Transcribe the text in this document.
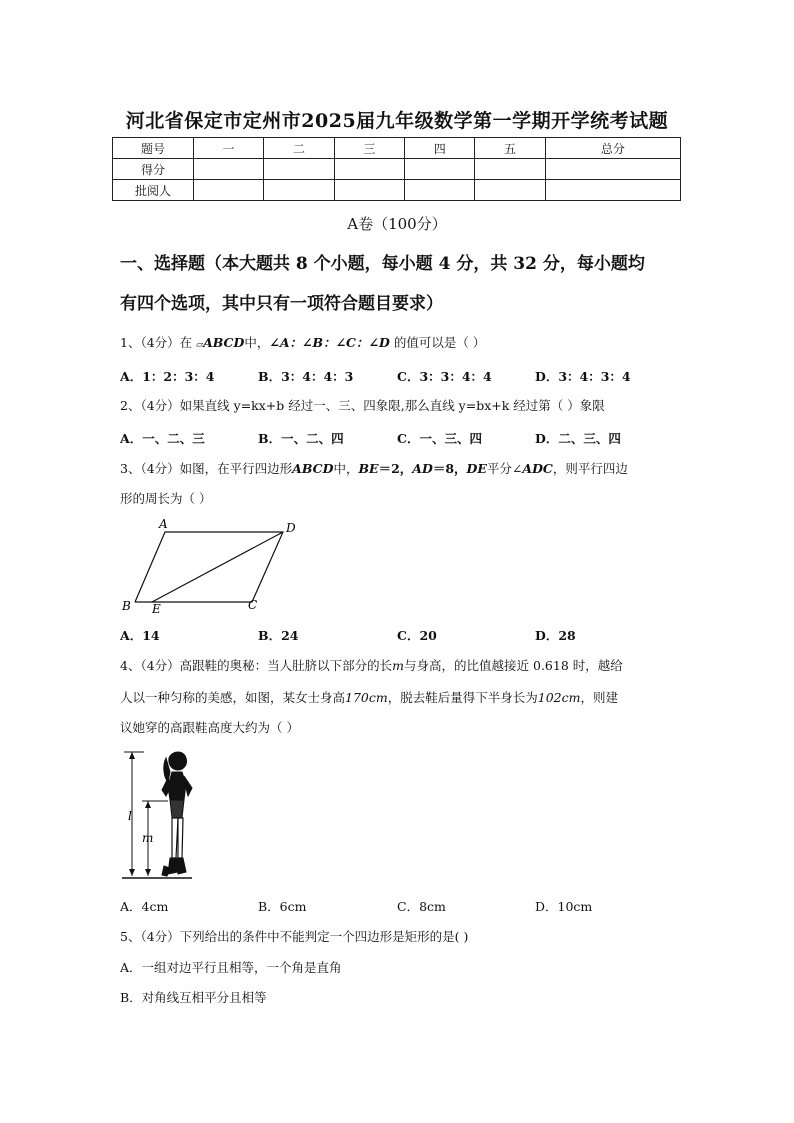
河北省保定市定州市2025届九年级数学第一学期开学统考试题
题号	一	二	三	四	五	总分
得分						
批阅人						
A卷（100分）
一、选择题（本大题共 8 个小题，每小题 4 分，共 32 分，每小题均
有四个选项，其中只有一项符合题目要求）
1、（4分）在 ▱ABCD中，∠A：∠B：∠C：∠D 的值可以是（ ）
A．1：2：3：4	B．3：4：4：3	C．3：3：4：4	D．3：4：3：4
2、（4分）如果直线 y=kx+b 经过一、三、四象限,那么直线 y=bx+k 经过第（ ）象限
A．一、二、三	B．一、二、四	C．一、三、四	D．二、三、四
3、（4分）如图，在平行四边形ABCD中，BE＝2，AD＝8，DE平分∠ADC，则平行四边
形的周长为（ ）
A	D
B E	C
A．14	B．24	C．20	D．28
4、（4分）高跟鞋的奥秘：当人肚脐以下部分的长m与身高，的比值越接近 0.618 时，越给
人以一种匀称的美感，如图，某女士身高170cm，脱去鞋后量得下半身长为102cm，则建
议她穿的高跟鞋高度大约为（ ）
l
m
A．4cm	B．6cm	C．8cm	D．10cm
5、（4分）下列给出的条件中不能判定一个四边形是矩形的是( )
A．一组对边平行且相等，一个角是直角
B．对角线互相平分且相等
